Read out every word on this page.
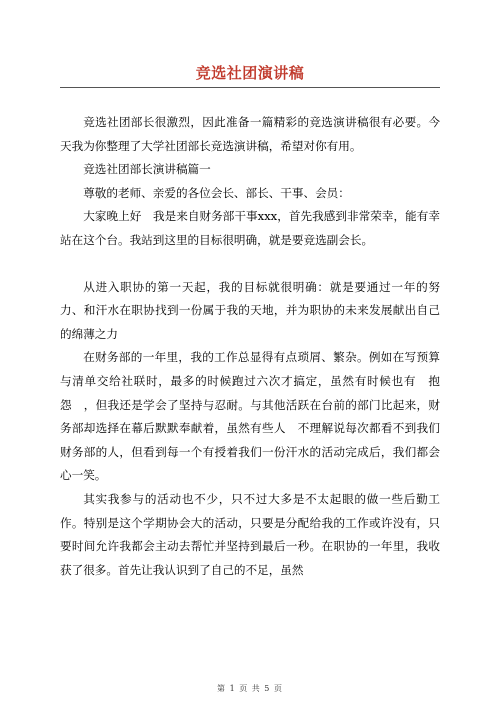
竞选社团演讲稿

竞选社团部长很激烈，因此准备一篇精彩的竞选演讲稿很有必要。今天我为你整理了大学社团部长竞选演讲稿，希望对你有用。

竞选社团部长演讲稿篇一

尊敬的老师、亲爱的各位会长、部长、干事、会员：

大家晚上好　我是来自财务部干事xxx，首先我感到非常荣幸，能有幸站在这个台。我站到这里的目标很明确，就是要竞选副会长。

从进入职协的第一天起，我的目标就很明确：就是要通过一年的努力、和汗水在职协找到一份属于我的天地，并为职协的未来发展献出自己的绵薄之力

在财务部的一年里，我的工作总显得有点琐屑、繁杂。例如在写预算与清单交给社联时，最多的时候跑过六次才搞定，虽然有时候也有　抱怨　，但我还是学会了坚持与忍耐。与其他活跃在台前的部门比起来，财务部却选择在幕后默默奉献着，虽然有些人　不理解说每次都看不到我们财务部的人，但看到每一个有授着我们一份汗水的活动完成后，我们都会心一笑。

其实我参与的活动也不少，只不过大多是不太起眼的做一些后勤工作。特别是这个学期协会大的活动，只要是分配给我的工作或许没有，只要时间允许我都会主动去帮忙并坚持到最后一秒。在职协的一年里，我收获了很多。首先让我认识到了自己的不足，虽然

第 1 页 共 5 页
